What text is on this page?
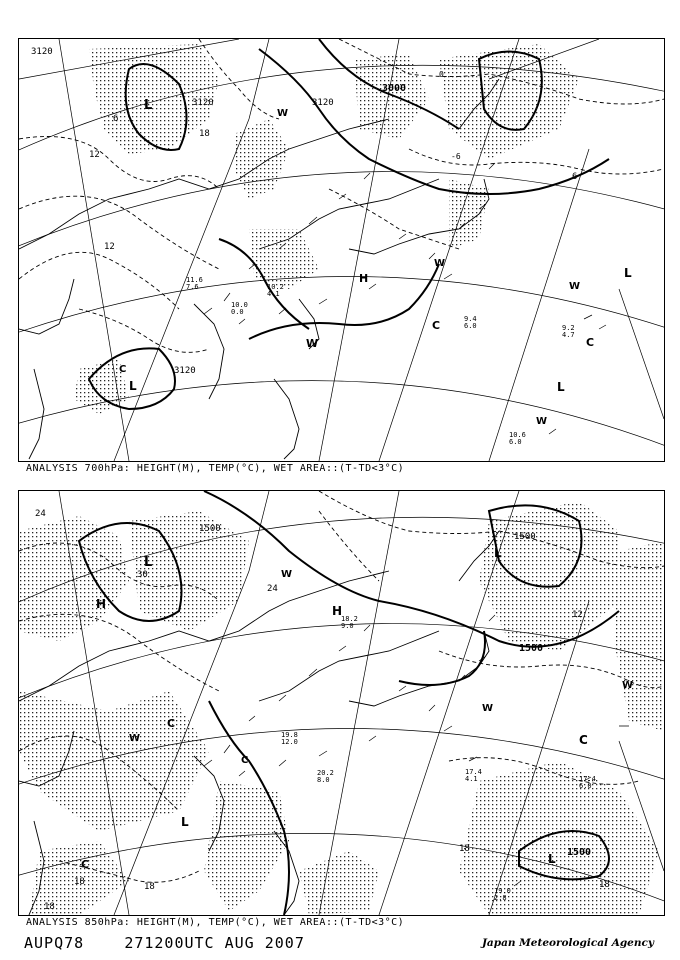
3120
3120	3120
3000
3120
6
6
12
12
18
0
-6
L
L
L
L
W
W
W
W
W
H
C
C
C
9.4
6.0	9.2
4.7
10.6
6.0
11.6
7.6	10.2
4.1
10.0
0.0
ANALYSIS 700hPa: HEIGHT(M), TEMP(°C), WET AREA::(T-TD<3°C)
1500
1500
1500
1500
24
30
24
12
18
18
18
18
18
L
L
L
L
H	H
W
W
W
W
C
C
C
C
17.4
4.1	17.4
6.0
19.0
2.8
18.2
9.0
20.2
8.0
19.8
12.0
ANALYSIS 850hPa: HEIGHT(M), TEMP(°C), WET AREA::(T-TD<3°C)
AUPQ78	271200UTC AUG 2007	Japan Meteorological Agency
